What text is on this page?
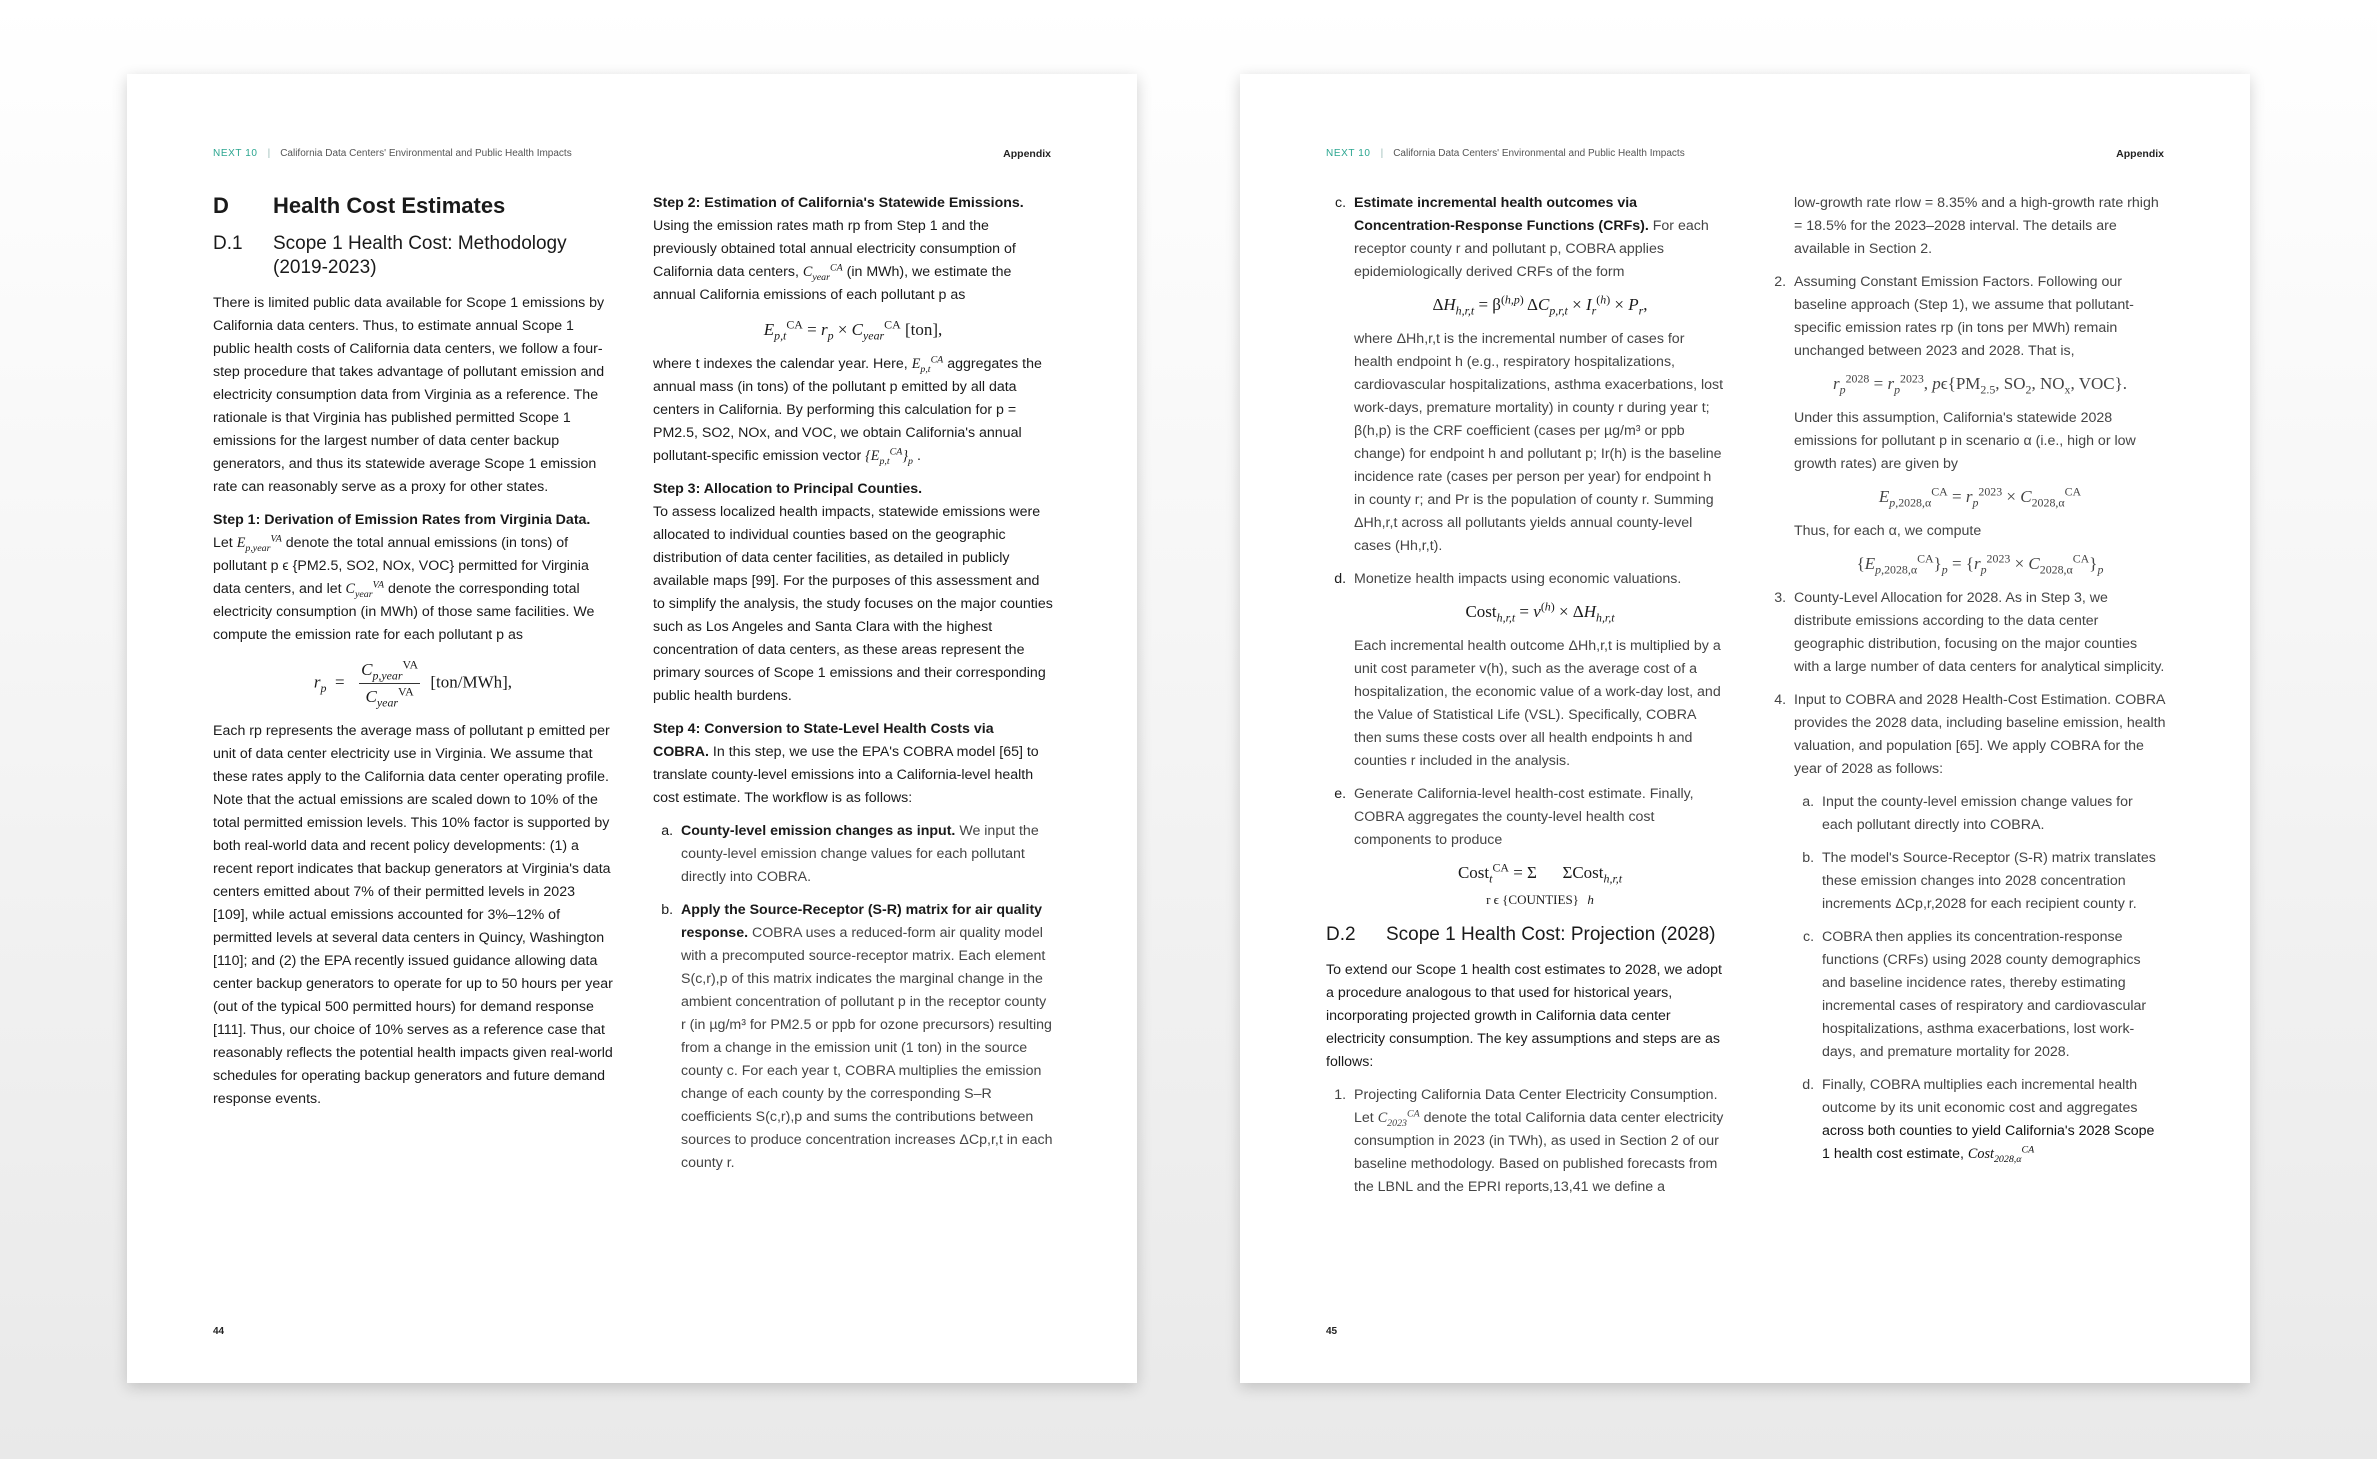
NEXT 10 | California Data Centers' Environmental and Public Health Impacts	Appendix
D Health Cost Estimates
D.1 Scope 1 Health Cost: Methodology (2019-2023)

There is limited public data available for Scope 1 emissions by California data centers. Thus, to estimate annual Scope 1 public health costs of California data centers, we follow a four-step procedure that takes advantage of pollutant emission and electricity consumption data from Virginia as a reference. The rationale is that Virginia has published permitted Scope 1 emissions for the largest number of data center backup generators, and thus its statewide average Scope 1 emission rate can reasonably serve as a proxy for other states.

Step 1: Derivation of Emission Rates from Virginia Data.
Let $E_{p,year}^{VA}$ denote the total annual emissions (in tons) of pollutant p ϵ {PM2.5, SO2, NOx, VOC} permitted for Virginia data centers, and let $C_{year}^{VA}$ denote the corresponding total electricity consumption (in MWh) of those same facilities. We compute the emission rate for each pollutant p as

$r_p = \frac{C_{p,year}^{VA}}{C_{year}^{VA}} [ton/MWh]$,

Each rp represents the average mass of pollutant p emitted per unit of data center electricity use in Virginia. We assume that these rates apply to the California data center operating profile. Note that the actual emissions are scaled down to 10% of the total permitted emission levels. This 10% factor is supported by both real-world data and recent policy developments: (1) a recent report indicates that backup generators at Virginia's data centers emitted about 7% of their permitted levels in 2023 [109], while actual emissions accounted for 3%–12% of permitted levels at several data centers in Quincy, Washington [110]; and (2) the EPA recently issued guidance allowing data center backup generators to operate for up to 50 hours per year (out of the typical 500 permitted hours) for demand response [111]. Thus, our choice of 10% serves as a reference case that reasonably reflects the potential health impacts given real-world schedules for operating backup generators and future demand response events.

Step 2: Estimation of California's Statewide Emissions. Using the emission rates math rp from Step 1 and the previously obtained total annual electricity consumption of California data centers, $C_{year}^{CA}$ (in MWh), we estimate the annual California emissions of each pollutant p as

$E_{p,t}^{CA} = r_p \times C_{year}^{CA}$ [ton],

where t indexes the calendar year. Here, $E_{p,t}^{CA}$ aggregates the annual mass (in tons) of the pollutant p emitted by all data centers in California. By performing this calculation for p = PM2.5, SO2, NOx, and VOC, we obtain California's annual pollutant-specific emission vector $\{E_{p,t}^{CA}\}_p$ .

Step 3: Allocation to Principal Counties.
To assess localized health impacts, statewide emissions were allocated to individual counties based on the geographic distribution of data center facilities, as detailed in publicly available maps [99]. For the purposes of this assessment and to simplify the analysis, the study focuses on the major counties such as Los Angeles and Santa Clara with the highest concentration of data centers, as these areas represent the primary sources of Scope 1 emissions and their corresponding public health burdens.

Step 4: Conversion to State-Level Health Costs via COBRA. In this step, we use the EPA's COBRA model [65] to translate county-level emissions into a California-level health cost estimate. The workflow is as follows:

a. County-level emission changes as input. We input the county-level emission change values for each pollutant directly into COBRA.
b. Apply the Source-Receptor (S-R) matrix for air quality response. COBRA uses a reduced-form air quality model with a precomputed source-receptor matrix. Each element S(c,r),p of this matrix indicates the marginal change in the ambient concentration of pollutant p in the receptor county r (in µg/m³ for PM2.5 or ppb for ozone precursors) resulting from a change in the emission unit (1 ton) in the source county c. For each year t, COBRA multiplies the emission change of each county by the corresponding S–R coefficients S(c,r),p and sums the contributions between sources to produce concentration increases ΔCp,r,t in each county r.
44
NEXT 10 | California Data Centers' Environmental and Public Health Impacts	Appendix
c. Estimate incremental health outcomes via Concentration-Response Functions (CRFs). For each receptor county r and pollutant p, COBRA applies epidemiologically derived CRFs of the form
$\Delta H_{h,r,t} = \beta^{(h,p)}$ $\Delta C_{p,r,t} \times I_r^{(h)} \times P_r$,
where ΔHh,r,t is the incremental number of cases for health endpoint h (e.g., respiratory hospitalizations, cardiovascular hospitalizations, asthma exacerbations, lost work-days, premature mortality) in county r during year t; β(h,p) is the CRF coefficient (cases per µg/m³ or ppb change) for endpoint h and pollutant p; Ir(h) is the baseline incidence rate (cases per person per year) for endpoint h in county r; and Pr is the population of county r. Summing ΔHh,r,t across all pollutants yields annual county-level cases (Hh,r,t).
d. Monetize health impacts using economic valuations.
Cost$_{h,r,t}$ = $v^{(h)} \times \Delta H_{h,r,t}$
Each incremental health outcome ΔHh,r,t is multiplied by a unit cost parameter v(h), such as the average cost of a hospitalization, the economic value of a work-day lost, and the Value of Statistical Life (VSL). Specifically, COBRA then sums these costs over all health endpoints h and counties r included in the analysis.
e. Generate California-level health-cost estimate. Finally, COBRA aggregates the county-level health cost components to produce
Cost$_t^{CA}$ = Σ      ΣCost$_{h,r,t}$
r ϵ {COUNTIES} h
D.2 Scope 1 Health Cost: Projection (2028)

To extend our Scope 1 health cost estimates to 2028, we adopt a procedure analogous to that used for historical years, incorporating projected growth in California data center electricity consumption. The key assumptions and steps are as follows:

1. Projecting California Data Center Electricity Consumption. Let $C_{2023}^{CA}$ denote the total California data center electricity consumption in 2023 (in TWh), as used in Section 2 of our baseline methodology. Based on published forecasts from the LBNL and the EPRI reports,13,41 we define a

low-growth rate rlow = 8.35% and a high-growth rate rhigh = 18.5% for the 2023–2028 interval. The details are available in Section 2.

2. Assuming Constant Emission Factors. Following our baseline approach (Step 1), we assume that pollutant-specific emission rates rp (in tons per MWh) remain unchanged between 2023 and 2028. That is,
$r_p^{2028} = r_p^{2023}$, $p\epsilon\{PM_{2.5}$, $SO_2$, $NO_x$, VOC}.
Under this assumption, California's statewide 2028 emissions for pollutant p in scenario α (i.e., high or low growth rates) are given by
$E_{p,2028,\alpha}^{CA} = r_p^{2023} \times C_{2028,\alpha}^{CA}$
Thus, for each α, we compute
$\{E_{p,2028,\alpha}^{CA}\}_p = \{r_p^{2023} \times C_{2028,\alpha}^{CA}\}_p$
3. County-Level Allocation for 2028. As in Step 3, we distribute emissions according to the data center geographic distribution, focusing on the major counties with a large number of data centers for analytical simplicity.
4. Input to COBRA and 2028 Health-Cost Estimation. COBRA provides the 2028 data, including baseline emission, health valuation, and population [65]. We apply COBRA for the year of 2028 as follows:
a. Input the county-level emission change values for each pollutant directly into COBRA.
b. The model's Source-Receptor (S-R) matrix translates these emission changes into 2028 concentration increments ΔCp,r,2028 for each recipient county r.
c. COBRA then applies its concentration-response functions (CRFs) using 2028 county demographics and baseline incidence rates, thereby estimating incremental cases of respiratory and cardiovascular hospitalizations, asthma exacerbations, lost work-days, and premature mortality for 2028.
d. Finally, COBRA multiplies each incremental health outcome by its unit economic cost and aggregates across both counties to yield California's 2028 Scope 1 health cost estimate, Cost$_{2028,\alpha}^{CA}$
45
